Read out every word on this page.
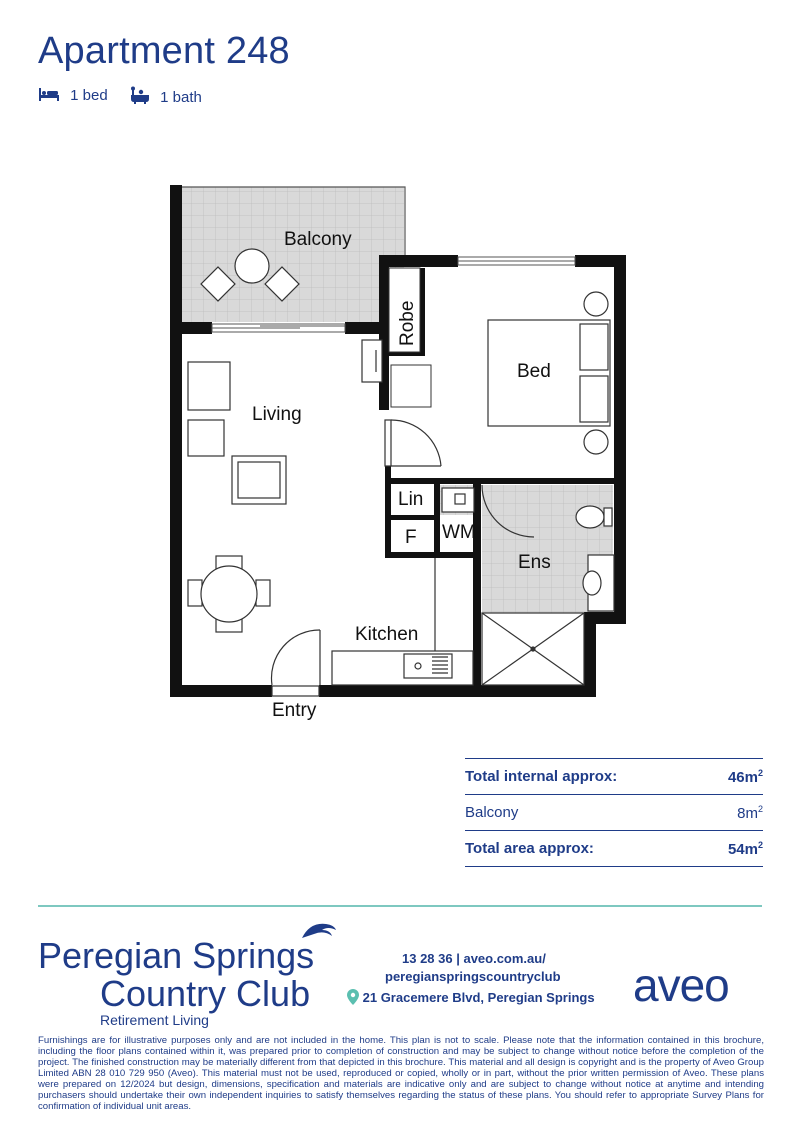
Apartment 248
1 bed	1 bath
Balcony
Robe
Bed
Living
Lin
F WM
Ens
Kitchen
Entry
Total internal approx:	$46m^2$
Balcony	$8m^2$
Total area approx:	$54m^2$
Peregian Springs
Country Club
Retirement Living
13 28 36 | aveo.com.au/
peregianspringscountryclub
21 Gracemere Blvd, Peregian Springs aveo
Furnishings are for illustrative purposes only and are not included in the home. This plan is not to scale. Please note that the information contained in this brochure, including the floor plans contained within it, was prepared prior to completion of construction and may be subject to change without notice before the completion of the project. The finished construction may be materially different from that depicted in this brochure. This material and all design is copyright and is the property of Aveo Group Limited ABN 28 010 729 950 (Aveo). This material must not be used, reproduced or copied, wholly or in part, without the prior written permission of Aveo. These plans were prepared on 12/2024 but design, dimensions, specification and materials are indicative only and are subject to change without notice at anytime and intending purchasers should undertake their own independent inquiries to satisfy themselves regarding the status of these plans. You should refer to appropriate Survey Plans for confirmation of individual unit areas.
